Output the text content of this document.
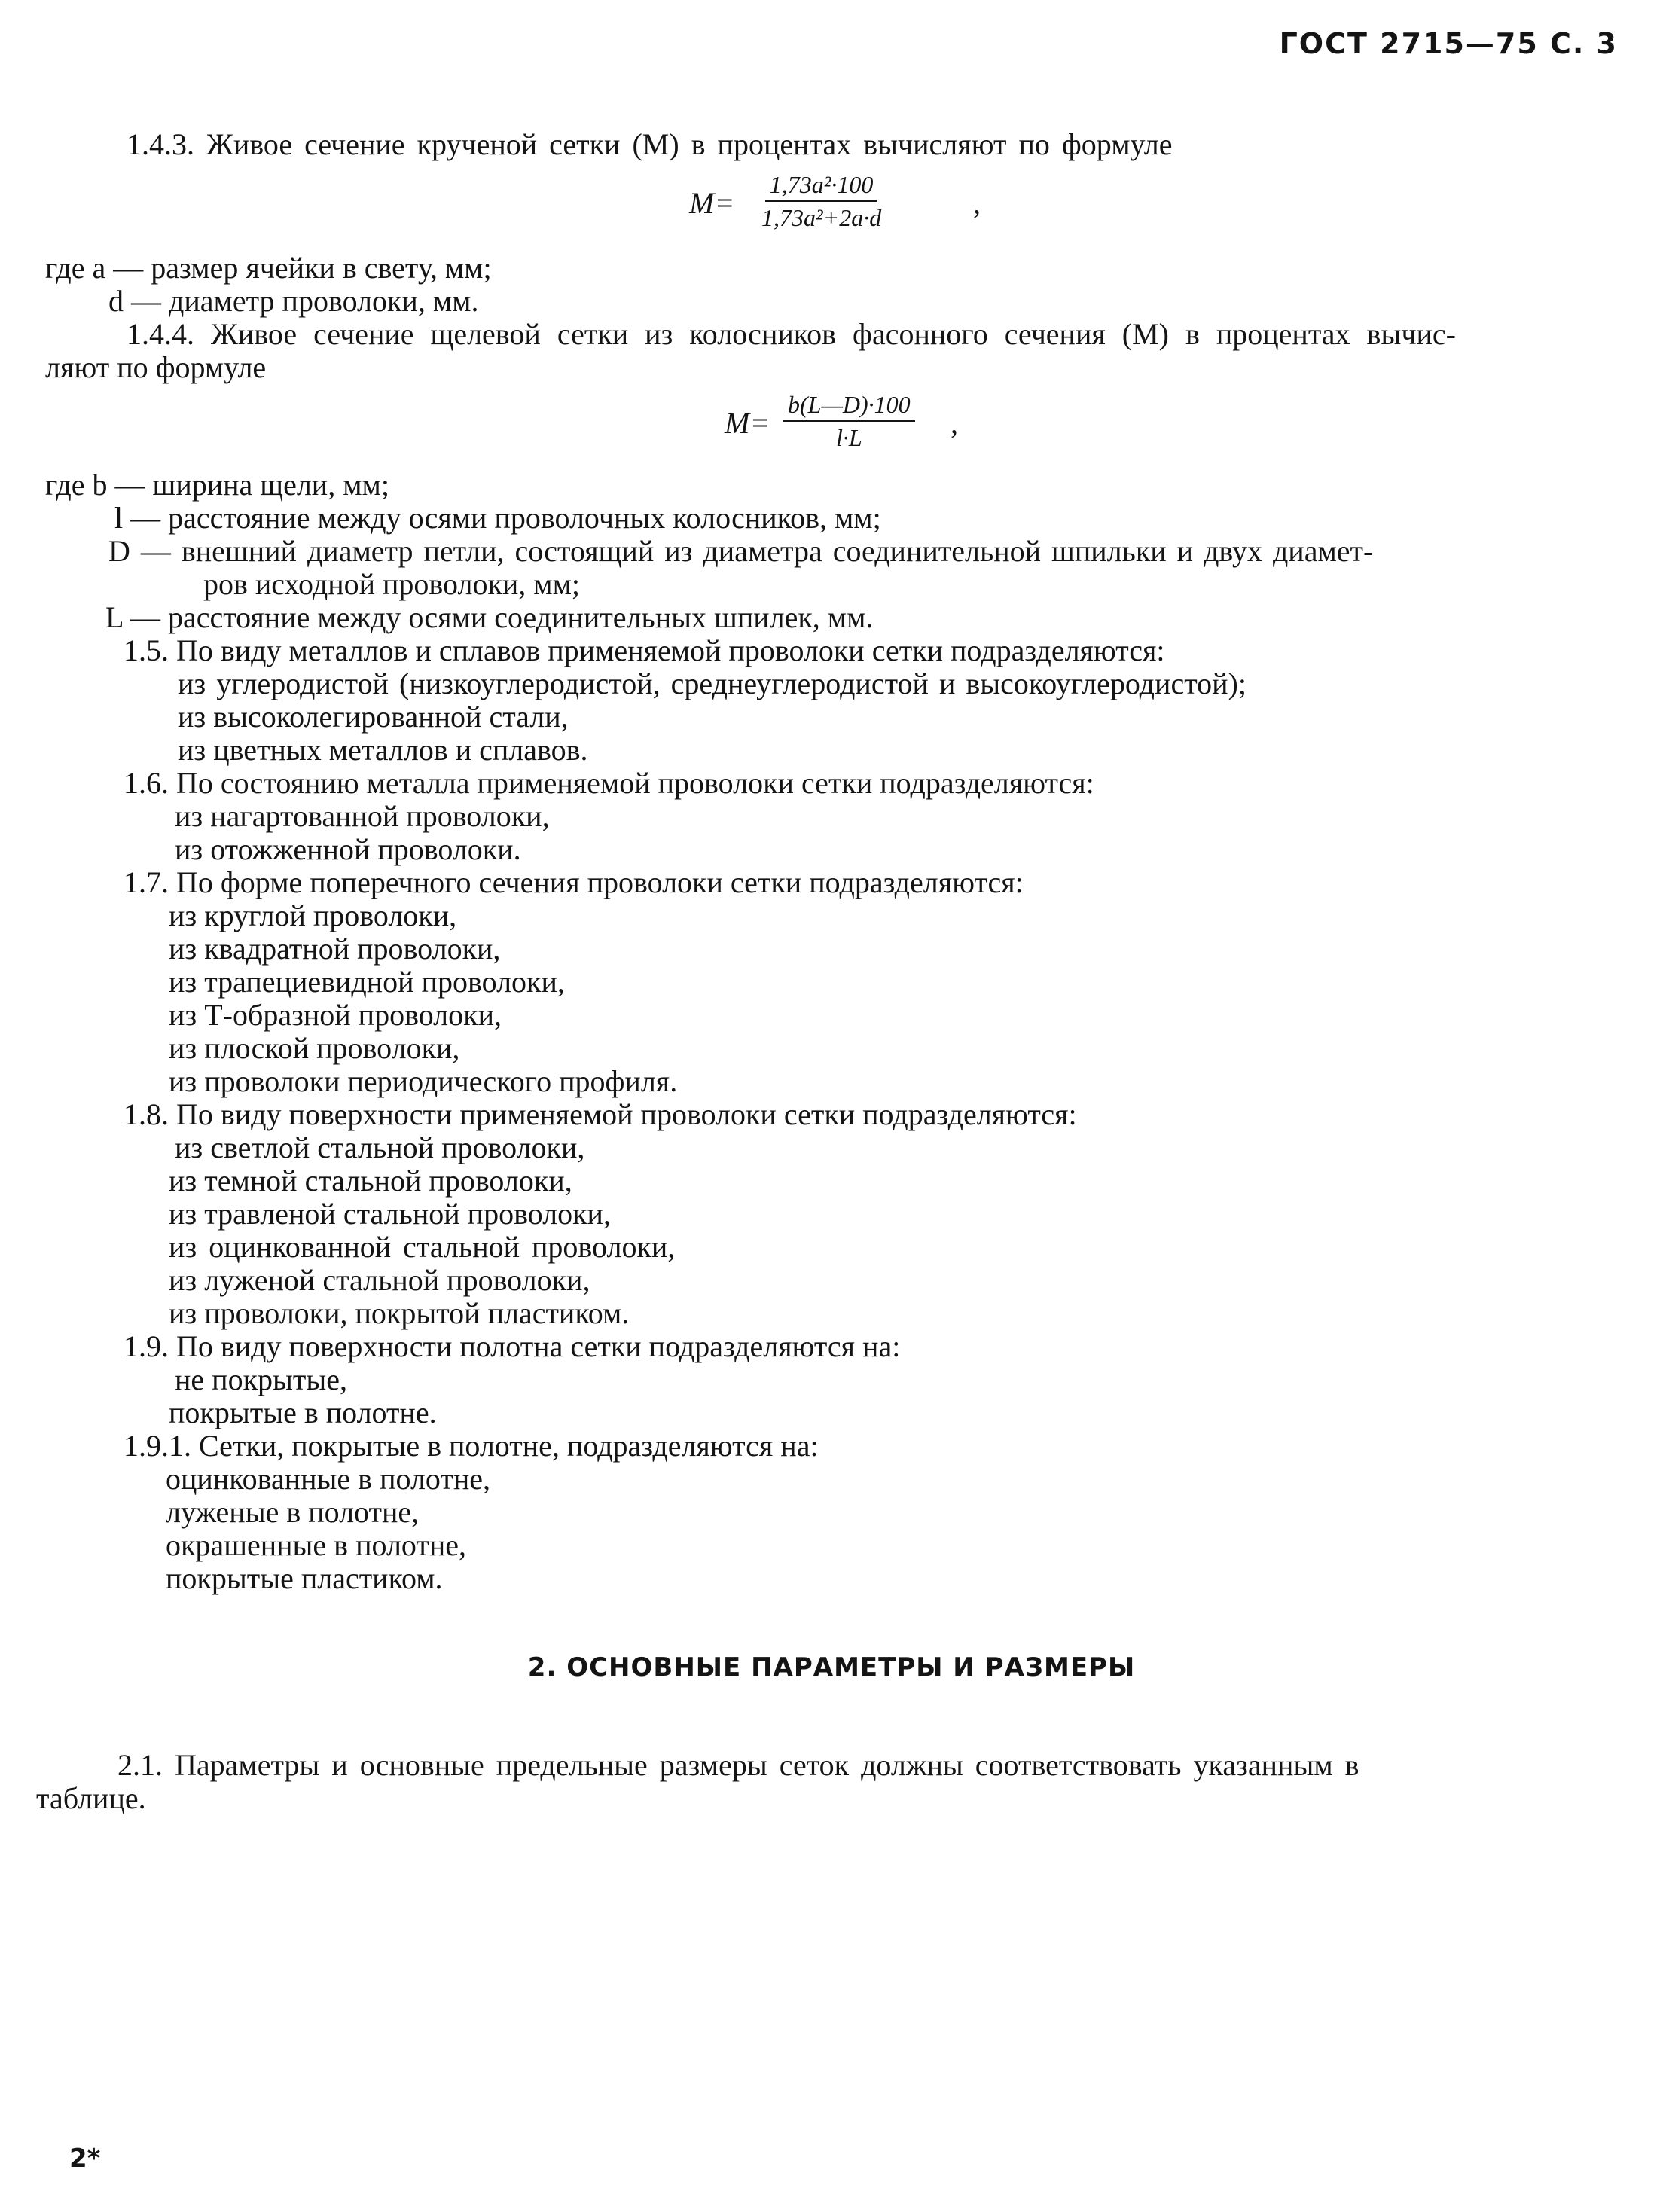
ГОСТ 2715—75 С. 3
1.4.3. Живое сечение крученой сетки (M) в процентах вычисляют по формуле
$M= \frac{\text{1,73a²·100}}{\text{1,73a²+2a·d}}$	,
где a — размер ячейки в свету, мм;
d — диаметр проволоки, мм.
1.4.4. Живое сечение щелевой сетки из колосников фасонного сечения (M) в процентах вычис-
ляют по формуле
$M= \frac{b(L—D)\cdot 100}{l\cdot L}$ ,
где b — ширина щели, мм;
l — расстояние между осями проволочных колосников, мм;
D — внешний диаметр петли, состоящий из диаметра соединительной шпильки и двух диамет-
ров исходной проволоки, мм;
L — расстояние между осями соединительных шпилек, мм.
1.5. По виду металлов и сплавов применяемой проволоки сетки подразделяются:
из углеродистой (низкоуглеродистой, среднеуглеродистой и высокоуглеродистой);
из высоколегированной стали,
из цветных металлов и сплавов.
1.6. По состоянию металла применяемой проволоки сетки подразделяются:
из нагартованной проволоки,
из отожженной проволоки.
1.7. По форме поперечного сечения проволоки сетки подразделяются:
из круглой проволоки,
из квадратной проволоки,
из трапециевидной проволоки,
из Т-образной проволоки,
из плоской проволоки,
из проволоки периодического профиля.
1.8. По виду поверхности применяемой проволоки сетки подразделяются:
из светлой стальной проволоки,
из темной стальной проволоки,
из травленой стальной проволоки,
из оцинкованной стальной проволоки,
из луженой стальной проволоки,
из проволоки, покрытой пластиком.
1.9. По виду поверхности полотна сетки подразделяются на:
не покрытые,
покрытые в полотне.
1.9.1. Сетки, покрытые в полотне, подразделяются на:
оцинкованные в полотне,
луженые в полотне,
окрашенные в полотне,
покрытые пластиком.
2. ОСНОВНЫЕ ПАРАМЕТРЫ И РАЗМЕРЫ
2.1. Параметры и основные предельные размеры сеток должны соответствовать указанным в
таблице.
2*
